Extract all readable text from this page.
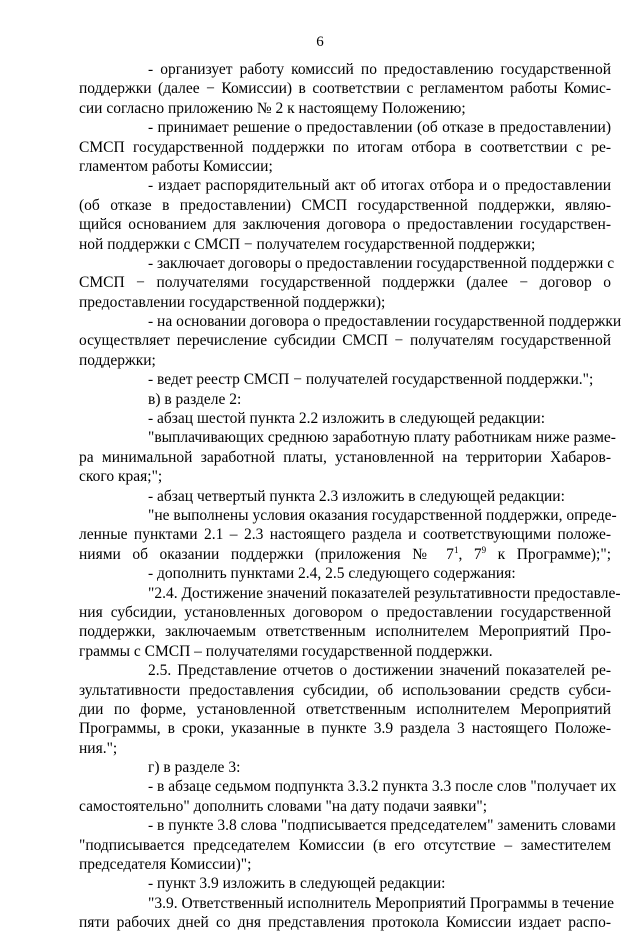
6
- организует работу комиссий по предоставлению государственной
поддержки (далее − Комиссии) в соответствии с регламентом работы Комис-
сии согласно приложению № 2 к настоящему Положению;
- принимает решение о предоставлении (об отказе в предоставлении)
СМСП государственной поддержки по итогам отбора в соответствии с ре-
гламентом работы Комиссии;
- издает распорядительный акт об итогах отбора и о предоставлении
(об отказе в предоставлении) СМСП государственной поддержки, являю-
щийся основанием для заключения договора о предоставлении государствен-
ной поддержки с СМСП − получателем государственной поддержки;
- заключает договоры о предоставлении государственной поддержки с
СМСП − получателями государственной поддержки (далее − договор о
предоставлении государственной поддержки);
- на основании договора о предоставлении государственной поддержки
осуществляет перечисление субсидии СМСП − получателям государственной
поддержки;
- ведет реестр СМСП − получателей государственной поддержки.";
в) в разделе 2:
- абзац шестой пункта 2.2 изложить в следующей редакции:
"выплачивающих среднюю заработную плату работникам ниже разме-
ра минимальной заработной платы, установленной на территории Хабаров-
ского края;";
- абзац четвертый пункта 2.3 изложить в следующей редакции:
"не выполнены условия оказания государственной поддержки, опреде-
ленные пунктами 2.1 – 2.3 настоящего раздела и соответствующими положе-
ниями об оказании поддержки (приложения № $7^1$, $7^9$ к Программе);";
- дополнить пунктами 2.4, 2.5 следующего содержания:
"2.4. Достижение значений показателей результативности предоставле-
ния субсидии, установленных договором о предоставлении государственной
поддержки, заключаемым ответственным исполнителем Мероприятий Про-
граммы с СМСП – получателями государственной поддержки.
2.5. Представление отчетов о достижении значений показателей ре-
зультативности предоставления субсидии, об использовании средств субси-
дии по форме, установленной ответственным исполнителем Мероприятий
Программы, в сроки, указанные в пункте 3.9 раздела 3 настоящего Положе-
ния.";
г) в разделе 3:
- в абзаце седьмом подпункта 3.3.2 пункта 3.3 после слов "получает их
самостоятельно" дополнить словами "на дату подачи заявки";
- в пункте 3.8 слова "подписывается председателем" заменить словами
"подписывается председателем Комиссии (в его отсутствие – заместителем
председателя Комиссии)";
- пункт 3.9 изложить в следующей редакции:
"3.9. Ответственный исполнитель Мероприятий Программы в течение
пяти рабочих дней со дня представления протокола Комиссии издает распо-
